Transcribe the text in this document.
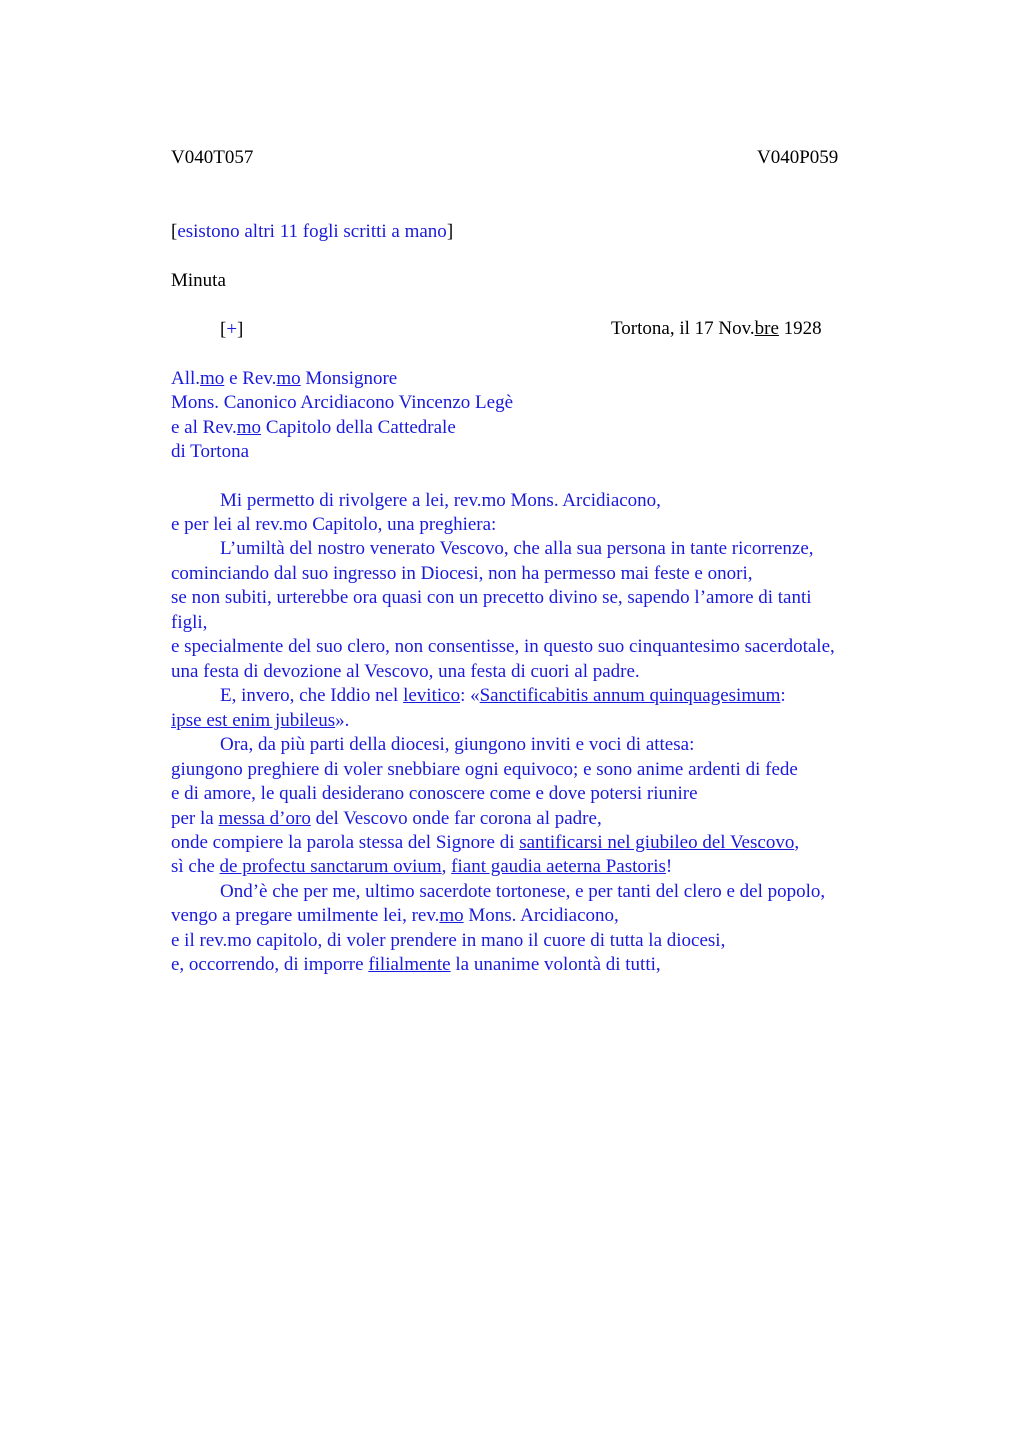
V040T057	V040P059
[esistono altri 11 fogli scritti a mano]
Minuta
[+]	Tortona, il 17 Nov.bre 1928
All.mo e Rev.mo Monsignore
Mons. Canonico Arcidiacono Vincenzo Legè
e al Rev.mo Capitolo della Cattedrale
di Tortona
Mi permetto di rivolgere a lei, rev.mo Mons. Arcidiacono,
e per lei al rev.mo Capitolo, una preghiera:
L’umiltà del nostro venerato Vescovo, che alla sua persona in tante ricorrenze,
cominciando dal suo ingresso in Diocesi, non ha permesso mai feste e onori,
se non subiti, urterebbe ora quasi con un precetto divino se, sapendo l’amore di tanti
figli,
e specialmente del suo clero, non consentisse, in questo suo cinquantesimo sacerdotale,
una festa di devozione al Vescovo, una festa di cuori al padre.
E, invero, che Iddio nel levitico: «Sanctificabitis annum quinquagesimum:
ipse est enim jubileus».
Ora, da più parti della diocesi, giungono inviti e voci di attesa:
giungono preghiere di voler snebbiare ogni equivoco; e sono anime ardenti di fede
e di amore, le quali desiderano conoscere come e dove potersi riunire
per la messa d’oro del Vescovo onde far corona al padre,
onde compiere la parola stessa del Signore di santificarsi nel giubileo del Vescovo,
sì che de profectu sanctarum ovium, fiant gaudia aeterna Pastoris!
Ond’è che per me, ultimo sacerdote tortonese, e per tanti del clero e del popolo,
vengo a pregare umilmente lei, rev.mo Mons. Arcidiacono,
e il rev.mo capitolo, di voler prendere in mano il cuore di tutta la diocesi,
e, occorrendo, di imporre filialmente la unanime volontà di tutti,
